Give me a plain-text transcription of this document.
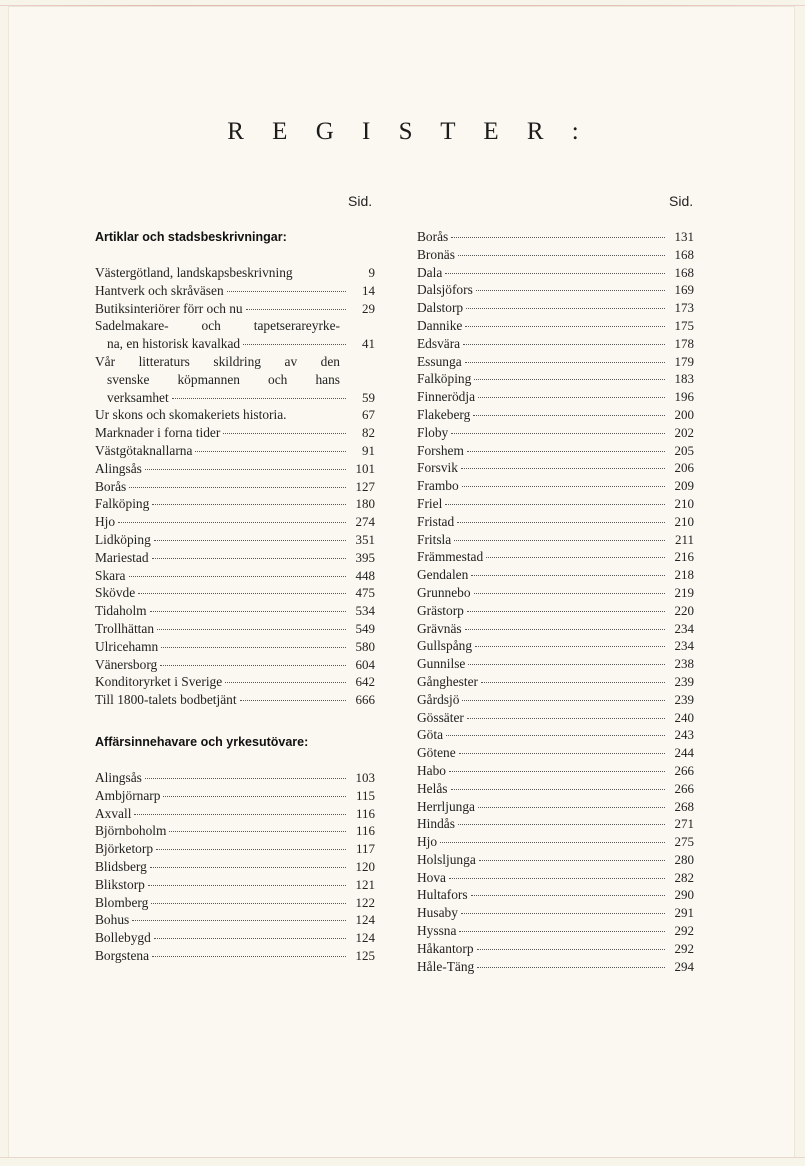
R E G I S T E R :
Sid.	Sid.
Artiklar och stadsbeskrivningar:
Västergötland, landskapsbeskrivning	9
Hantverk och skråväsen	14
Butiksinteriörer förr och nu	29
Sadelmakare- och tapetserareyrke-
na, en historisk kavalkad	41
Vår litteraturs skildring av den
svenske köpmannen och hans
verksamhet	59
Ur skons och skomakeriets historia.	67
Marknader i forna tider	82
Västgötaknallarna	91
Alingsås	101
Borås	127
Falköping	180
Hjo	274
Lidköping	351
Mariestad	395
Skara	448
Skövde	475
Tidaholm	534
Trollhättan	549
Ulricehamn	580
Vänersborg	604
Konditoryrket i Sverige	642
Till 1800-talets bodbetjänt	666
Affärsinnehavare och yrkesutövare:
Alingsås	103
Ambjörnarp	115
Axvall	116
Björnboholm	116
Björketorp	117
Blidsberg	120
Blikstorp	121
Blomberg	122
Bohus	124
Bollebygd	124
Borgstena	125
Borås	131
Bronäs	168
Dala	168
Dalsjöfors	169
Dalstorp	173
Dannike	175
Edsvära	178
Essunga	179
Falköping	183
Finnerödja	196
Flakeberg	200
Floby	202
Forshem	205
Forsvik	206
Frambo	209
Friel	210
Fristad	210
Fritsla	211
Främmestad	216
Gendalen	218
Grunnebo	219
Grästorp	220
Grävnäs	234
Gullspång	234
Gunnilse	238
Gånghester	239
Gårdsjö	239
Gössäter	240
Göta	243
Götene	244
Habo	266
Helås	266
Herrljunga	268
Hindås	271
Hjo	275
Holsljunga	280
Hova	282
Hultafors	290
Husaby	291
Hyssna	292
Håkantorp	292
Håle-Täng	294
